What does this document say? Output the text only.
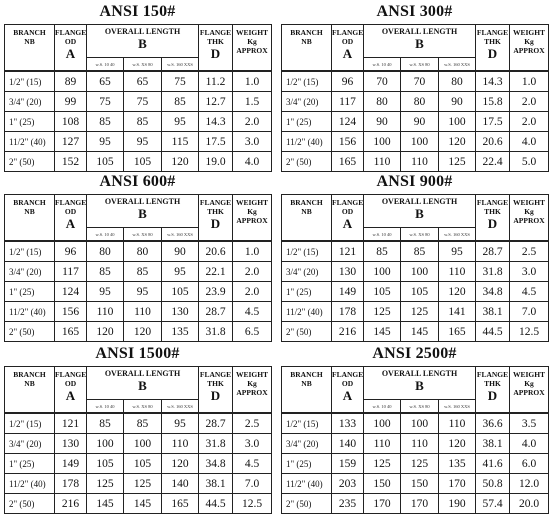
ANSI 150#
BRANCH
NB	FLANGE
OD
A	OVERALL LENGTH
B			FLANGE
THK
D	WEIGHT
Kg
APPROX
		w.S. 10 40	w.S. XS 80	w.S. 160 XXS		
1/2" (15)	89	65	65	75	11.2	1.0
3/4" (20)	99	75	75	85	12.7	1.5
1" (25)	108	85	85	95	14.3	2.0
11/2" (40)	127	95	95	115	17.5	3.0
2" (50)	152	105	105	120	19.0	4.0
ANSI 300#
BRANCH
NB	FLANGE
OD
A	OVERALL LENGTH
B			FLANGE
THK
D	WEIGHT
Kg
APPROX
		w.S. 10 40	w.S. XS 80	w.S. 160 XXS		
1/2" (15)	96	70	70	80	14.3	1.0
3/4" (20)	117	80	80	90	15.8	2.0
1" (25)	124	90	90	100	17.5	2.0
11/2" (40)	156	100	100	120	20.6	4.0
2" (50)	165	110	110	125	22.4	5.0
ANSI 600#
BRANCH
NB	FLANGE
OD
A	OVERALL LENGTH
B			FLANGE
THK
D	WEIGHT
Kg
APPROX
		w.S. 10 40	w.S. XS 80	w.S. 160 XXS		
1/2" (15)	96	80	80	90	20.6	1.0
3/4" (20)	117	85	85	95	22.1	2.0
1" (25)	124	95	95	105	23.9	2.0
11/2" (40)	156	110	110	130	28.7	4.5
2" (50)	165	120	120	135	31.8	6.5
ANSI 900#
BRANCH
NB	FLANGE
OD
A	OVERALL LENGTH
B			FLANGE
THK
D	WEIGHT
Kg
APPROX
		w.S. 10 40	w.S. XS 80	w.S. 160 XXS		
1/2" (15)	121	85	85	95	28.7	2.5
3/4" (20)	130	100	100	110	31.8	3.0
1" (25)	149	105	105	120	34.8	4.5
11/2" (40)	178	125	125	141	38.1	7.0
2" (50)	216	145	145	165	44.5	12.5
ANSI 1500#
BRANCH
NB	FLANGE
OD
A	OVERALL LENGTH
B			FLANGE
THK
D	WEIGHT
Kg
APPROX
		w.S. 10 40	w.S. XS 80	w.S. 160 XXS		
1/2" (15)	121	85	85	95	28.7	2.5
3/4" (20)	130	100	100	110	31.8	3.0
1" (25)	149	105	105	120	34.8	4.5
11/2" (40)	178	125	125	140	38.1	7.0
2" (50)	216	145	145	165	44.5	12.5
ANSI 2500#
BRANCH
NB	FLANGE
OD
A	OVERALL LENGTH
B			FLANGE
THK
D	WEIGHT
Kg
APPROX
		w.S. 10 40	w.S. XS 80	w.S. 160 XXS		
1/2" (15)	133	100	100	110	36.6	3.5
3/4" (20)	140	110	110	120	38.1	4.0
1" (25)	159	125	125	135	41.6	6.0
11/2" (40)	203	150	150	170	50.8	12.0
2" (50)	235	170	170	190	57.4	20.0
